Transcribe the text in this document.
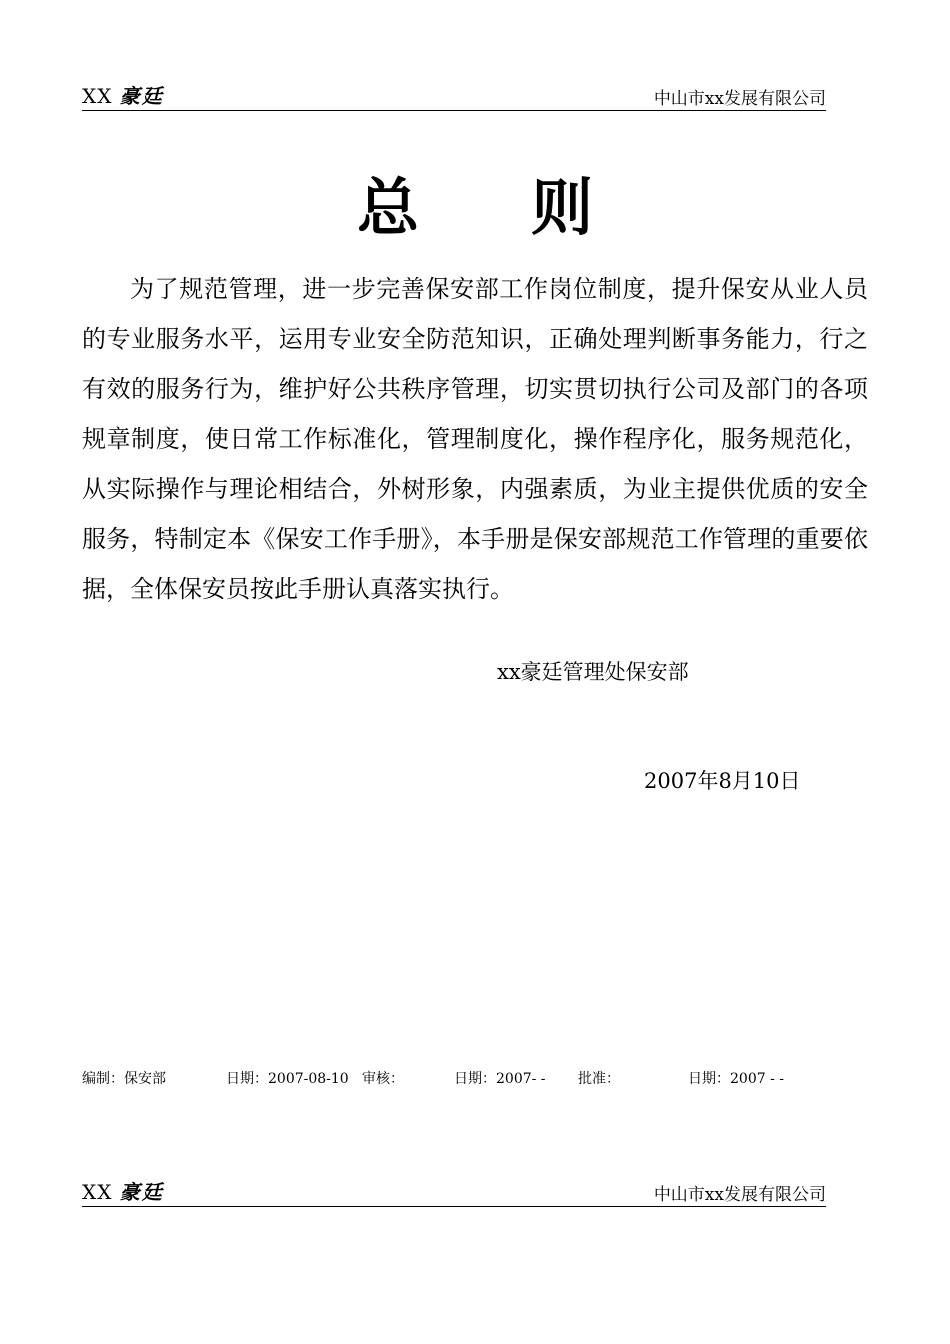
XX 豪廷	中山市xx发展有限公司
总 则
为了规范管理，进一步完善保安部工作岗位制度，提升保安从业人员的专业服务水平，运用专业安全防范知识，正确处理判断事务能力，行之有效的服务行为，维护好公共秩序管理，切实贯切执行公司及部门的各项规章制度，使日常工作标准化，管理制度化，操作程序化，服务规范化，从实际操作与理论相结合，外树形象，内强素质，为业主提供优质的安全服务，特制定本《保安工作手册》，本手册是保安部规范工作管理的重要依据，全体保安员按此手册认真落实执行。
xx豪廷管理处保安部
2007年8月10日
编制：保安部	日期：2007-08-10 审核：	日期：2007- - 批准：	日期：2007 - -
XX 豪廷	中山市xx发展有限公司
